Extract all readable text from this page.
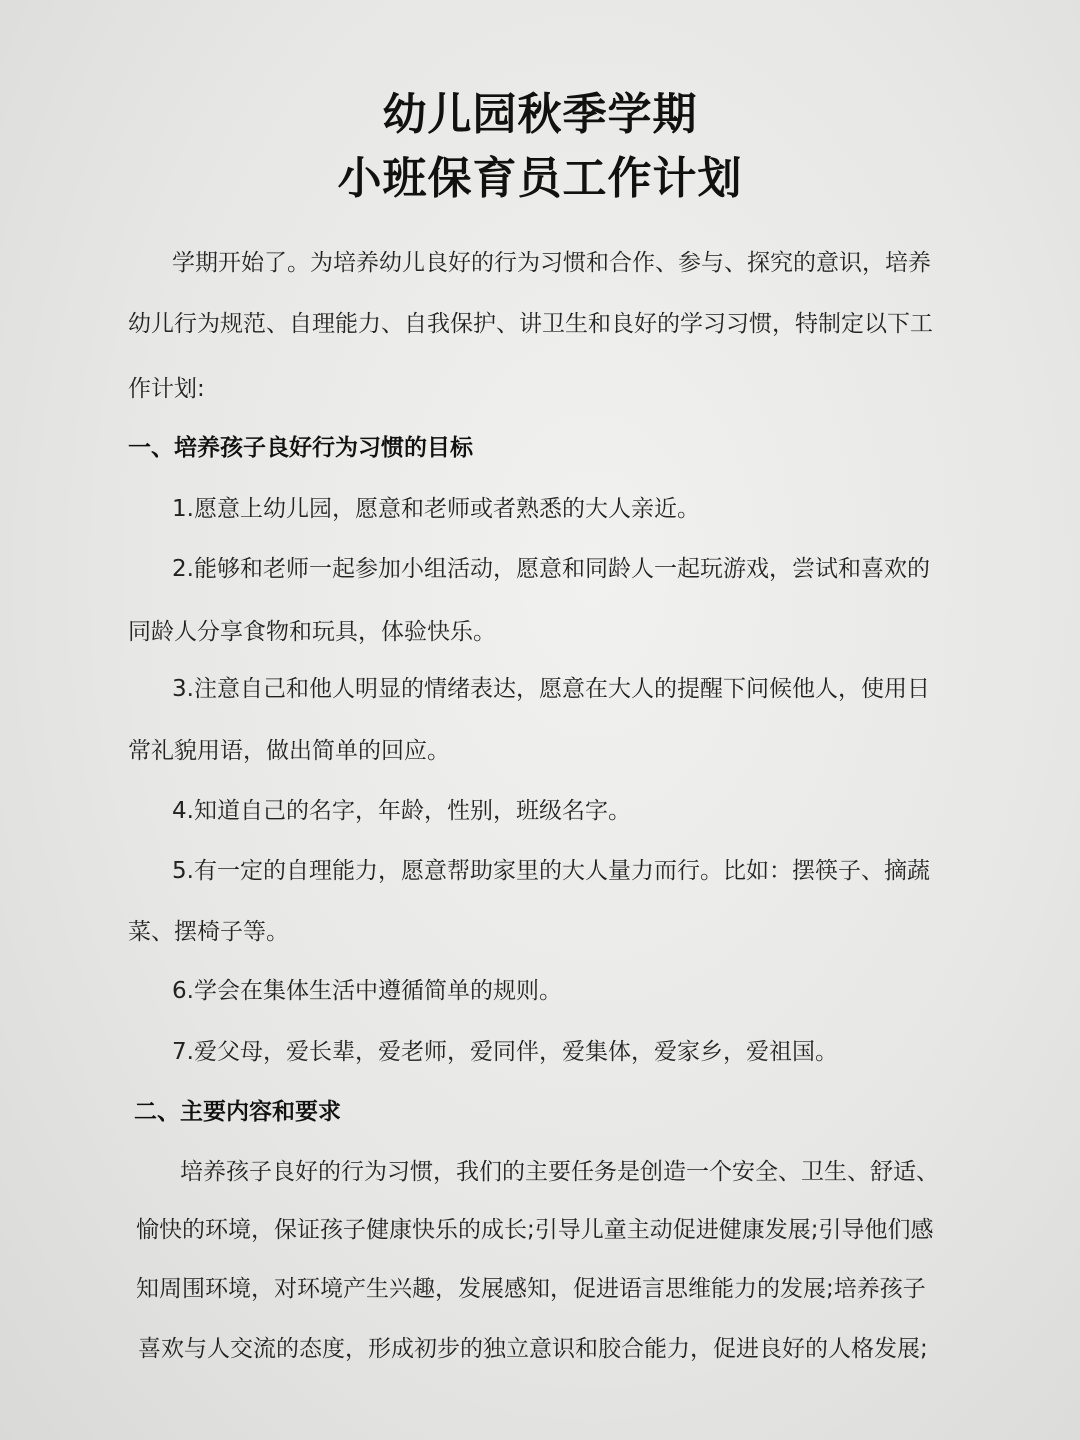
幼儿园秋季学期
小班保育员工作计划
学期开始了。为培养幼儿良好的行为习惯和合作、参与、探究的意识，培养
幼儿行为规范、自理能力、自我保护、讲卫生和良好的学习习惯，特制定以下工
作计划:
一、培养孩子良好行为习惯的目标
1.愿意上幼儿园，愿意和老师或者熟悉的大人亲近。
2.能够和老师一起参加小组活动，愿意和同龄人一起玩游戏，尝试和喜欢的
同龄人分享食物和玩具，体验快乐。
3.注意自己和他人明显的情绪表达，愿意在大人的提醒下问候他人，使用日
常礼貌用语，做出简单的回应。
4.知道自己的名字，年龄，性别，班级名字。
5.有一定的自理能力，愿意帮助家里的大人量力而行。比如：摆筷子、摘蔬
菜、摆椅子等。
6.学会在集体生活中遵循简单的规则。
7.爱父母，爱长辈，爱老师，爱同伴，爱集体，爱家乡，爱祖国。
二、主要内容和要求
培养孩子良好的行为习惯，我们的主要任务是创造一个安全、卫生、舒适、
愉快的环境，保证孩子健康快乐的成长;引导儿童主动促进健康发展;引导他们感
知周围环境，对环境产生兴趣，发展感知，促进语言思维能力的发展;培养孩子
喜欢与人交流的态度，形成初步的独立意识和胶合能力，促进良好的人格发展;
